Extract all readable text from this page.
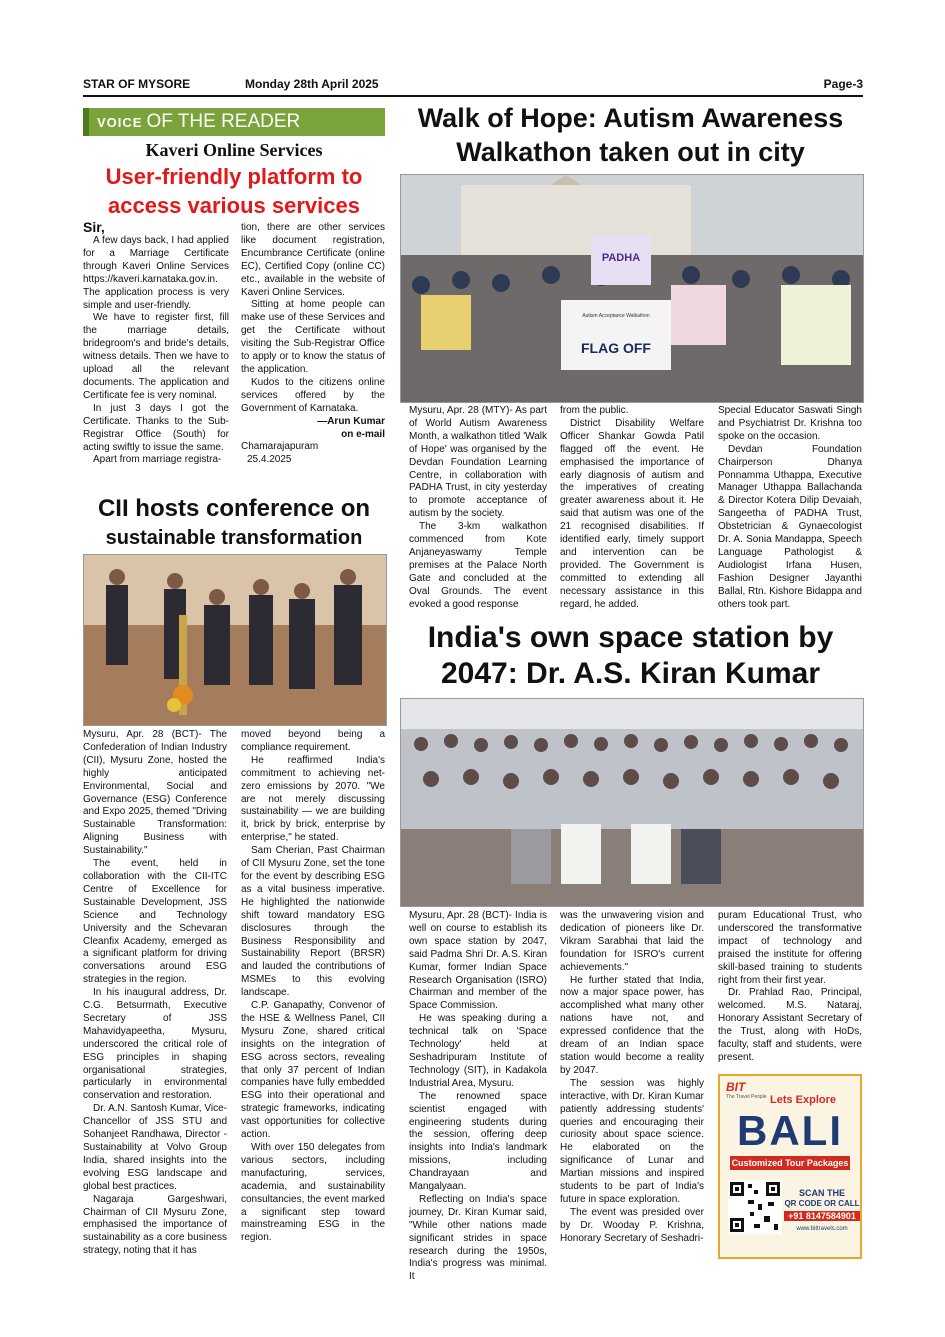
STAR OF MYSORE	Monday 28th April 2025	Page-3
VOICE OF THE READER
Kaveri Online Services
User-friendly platform to access various services

Sir,

A few days back, I had applied for a Marriage Certificate through Kaveri Online Services https://kaveri.karnataka.gov.in. The application process is very simple and user-friendly.

We have to register first, fill the marriage details, bridegroom's and bride's details, witness details. Then we have to upload all the relevant documents. The application and Certificate fee is very nominal.

In just 3 days I got the Certificate. Thanks to the Sub-Registrar Office (South) for acting swiftly to issue the same.

Apart from marriage registra-

tion, there are other services like document registration, Encumbrance Certificate (online EC), Certified Copy (online CC) etc., available in the website of Kaveri Online Services.

Sitting at home people can make use of these Services and get the Certificate without visiting the Sub-Registrar Office to apply or to know the status of the application.

Kudos to the citizens online services offered by the Government of Karnataka.

—Arun Kumar

on e-mail

Chamarajapuram

25.4.2025

CII hosts conference on
sustainable transformation

Mysuru, Apr. 28 (BCT)- The Confederation of Indian Industry (CII), Mysuru Zone, hosted the highly anticipated Environmental, Social and Governance (ESG) Conference and Expo 2025, themed "Driving Sustainable Transformation: Aligning Business with Sustainability."

The event, held in collaboration with the CII-ITC Centre of Excellence for Sustainable Development, JSS Science and Technology University and the Schevaran Cleanfix Academy, emerged as a significant platform for driving conversations around ESG strategies in the region.

In his inaugural address, Dr. C.G. Betsurmath, Executive Secretary of JSS Mahavidyapeetha, Mysuru, underscored the critical role of ESG principles in shaping organisational strategies, particularly in environmental conservation and restoration.

Dr. A.N. Santosh Kumar, Vice-Chancellor of JSS STU and Sohanjeet Randhawa, Director - Sustainability at Volvo Group India, shared insights into the evolving ESG landscape and global best practices.

Nagaraja Gargeshwari, Chairman of CII Mysuru Zone, emphasised the importance of sustainability as a core business strategy, noting that it has

moved beyond being a compliance requirement.

He reaffirmed India's commitment to achieving net-zero emissions by 2070. "We are not merely discussing sustainability — we are building it, brick by brick, enterprise by enterprise," he stated.

Sam Cherian, Past Chairman of CII Mysuru Zone, set the tone for the event by describing ESG as a vital business imperative. He highlighted the nationwide shift toward mandatory ESG disclosures through the Business Responsibility and Sustainability Report (BRSR) and lauded the contributions of MSMEs to this evolving landscape.

C.P. Ganapathy, Convenor of the HSE & Wellness Panel, CII Mysuru Zone, shared critical insights on the integration of ESG across sectors, revealing that only 37 percent of Indian companies have fully embedded ESG into their operational and strategic frameworks, indicating vast opportunities for collective action.

With over 150 delegates from various sectors, including manufacturing, services, academia, and sustainability consultancies, the event marked a significant step toward mainstreaming ESG in the region.

Walk of Hope: Autism Awareness Walkathon taken out in city
PADHA
Autism Acceptance Walkathon
FLAG OFF

Mysuru, Apr. 28 (MTY)- As part of World Autism Awareness Month, a walkathon titled 'Walk of Hope' was organised by the Devdan Foundation Learning Centre, in collaboration with PADHA Trust, in city yesterday to promote acceptance of autism by the society.

The 3-km walkathon commenced from Kote Anjaneyaswamy Temple premises at the Palace North Gate and concluded at the Oval Grounds. The event evoked a good response

from the public.

District Disability Welfare Officer Shankar Gowda Patil flagged off the event. He emphasised the importance of early diagnosis of autism and the imperatives of creating greater awareness about it. He said that autism was one of the 21 recognised disabilities. If identified early, timely support and intervention can be provided. The Government is committed to extending all necessary assistance in this regard, he added.

Special Educator Saswati Singh and Psychiatrist Dr. Krishna too spoke on the occasion.

Devdan Foundation Chairperson Dhanya Ponnamma Uthappa, Executive Manager Uthappa Ballachanda & Director Kotera Dilip Devaiah, Sangeetha of PADHA Trust, Obstetrician & Gynaecologist Dr. A. Sonia Mandappa, Speech Language Pathologist & Audiologist Irfana Husen, Fashion Designer Jayanthi Ballal, Rtn. Kishore Bidappa and others took part.

India's own space station by
2047: Dr. A.S. Kiran Kumar

Mysuru, Apr. 28 (BCT)- India is well on course to establish its own space station by 2047, said Padma Shri Dr. A.S. Kiran Kumar, former Indian Space Research Organisation (ISRO) Chairman and member of the Space Commission.

He was speaking during a technical talk on 'Space Technology' held at Seshadripuram Institute of Technology (SIT), in Kadakola Industrial Area, Mysuru.

The renowned space scientist engaged with engineering students during the session, offering deep insights into India's landmark missions, including Chandrayaan and Mangalyaan.

Reflecting on India's space journey, Dr. Kiran Kumar said, "While other nations made significant strides in space research during the 1950s, India's progress was minimal. It

was the unwavering vision and dedication of pioneers like Dr. Vikram Sarabhai that laid the foundation for ISRO's current achievements."

He further stated that India, now a major space power, has accomplished what many other nations have not, and expressed confidence that the dream of an Indian space station would become a reality by 2047.

The session was highly interactive, with Dr. Kiran Kumar patiently addressing students' queries and encouraging their curiosity about space science. He elaborated on the significance of Lunar and Martian missions and inspired students to be part of India's future in space exploration.

The event was presided over by Dr. Wooday P. Krishna, Honorary Secretary of Seshadri-

puram Educational Trust, who underscored the transformative impact of technology and praised the institute for offering skill-based training to students right from their first year.

Dr. Prahlad Rao, Principal, welcomed. M.S. Nataraj, Honorary Assistant Secretary of the Trust, along with HoDs, faculty, staff and students, were present.

BIT
The Travel People Lets Explore
BALI
Customized Tour Packages
SCAN THE
QR CODE OR CALL
+91 8147584901
www.bittravels.com
